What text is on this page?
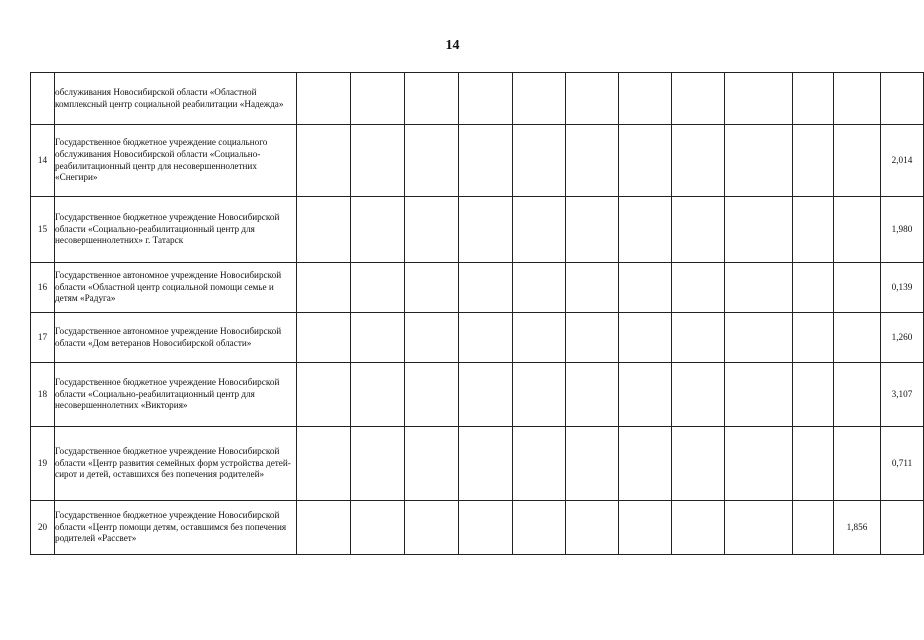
14
	обслуживания Новосибирской области «Областной комплексный центр социальной реабилитации «Надежда»												
14	Государственное бюджетное учреждение социального обслуживания Новосибирской области «Социально-реабилитационный центр для несовершеннолетних «Снегири»												2,014
15	Государственное бюджетное учреждение Новосибирской области «Социально-реабилитационный центр для несовершеннолетних» г. Татарск												1,980
16	Государственное автономное учреждение Новосибирской области «Областной центр социальной помощи семье и детям «Радуга»												0,139
17	Государственное автономное учреждение Новосибирской области «Дом ветеранов Новосибирской области»												1,260
18	Государственное бюджетное учреждение Новосибирской области «Социально-реабилитационный центр для несовершеннолетних «Виктория»												3,107
19	Государственное бюджетное учреждение Новосибирской области «Центр развития семейных форм устройства детей-сирот и детей, оставшихся без попечения родителей»												0,711
20	Государственное бюджетное учреждение Новосибирской области «Центр помощи детям, оставшимся без попечения родителей «Рассвет»											1,856	
